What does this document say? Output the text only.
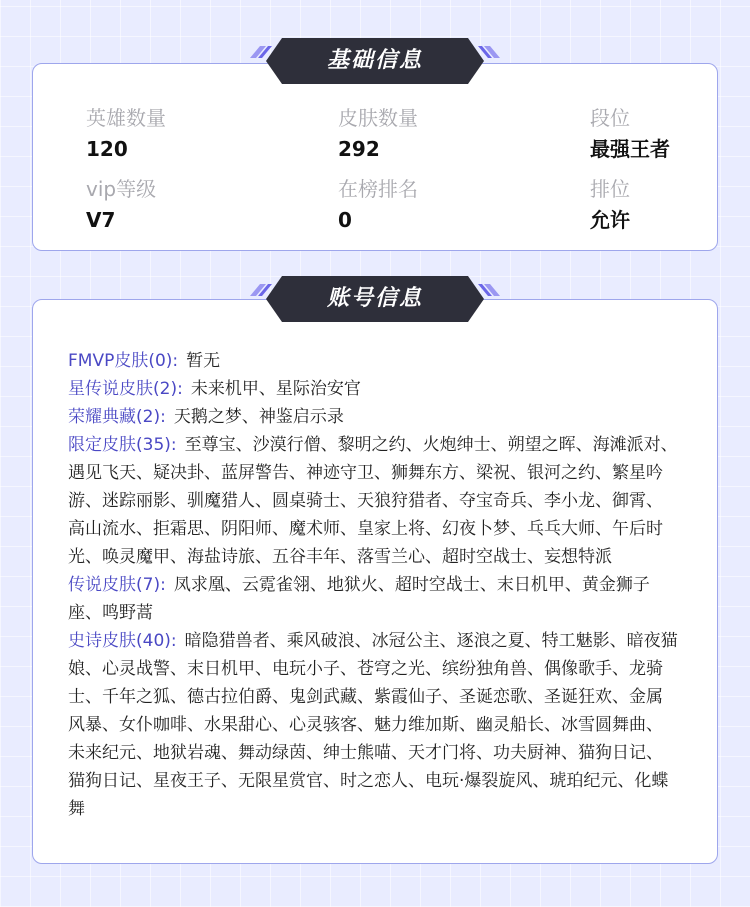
基础信息
英雄数量
120
皮肤数量
292
段位
最强王者
vip等级
V7
在榜排名
0
排位
允许
账号信息
FMVP皮肤(0): 暂无
星传说皮肤(2): 未来机甲、星际治安官
荣耀典藏(2): 天鹅之梦、神鉴启示录
限定皮肤(35): 至尊宝、沙漠行僧、黎明之约、火炮绅士、朔望之晖、海滩派对、遇见飞天、疑决卦、蓝屏警告、神迹守卫、狮舞东方、梁祝、银河之约、繁星吟游、迷踪丽影、驯魔猎人、圆桌骑士、天狼狩猎者、夺宝奇兵、李小龙、御霄、高山流水、拒霜思、阴阳师、魔术师、皇家上将、幻夜卜梦、乓乓大师、午后时光、唤灵魔甲、海盐诗旅、五谷丰年、落雪兰心、超时空战士、妄想特派
传说皮肤(7): 凤求凰、云霓雀翎、地狱火、超时空战士、末日机甲、黄金狮子座、鸣野蒿
史诗皮肤(40): 暗隐猎兽者、乘风破浪、冰冠公主、逐浪之夏、特工魅影、暗夜猫娘、心灵战警、末日机甲、电玩小子、苍穹之光、缤纷独角兽、偶像歌手、龙骑士、千年之狐、德古拉伯爵、鬼剑武藏、紫霞仙子、圣诞恋歌、圣诞狂欢、金属风暴、女仆咖啡、水果甜心、心灵骇客、魅力维加斯、幽灵船长、冰雪圆舞曲、未来纪元、地狱岩魂、舞动绿茵、绅士熊喵、天才门将、功夫厨神、猫狗日记、猫狗日记、星夜王子、无限星赏官、时之恋人、电玩·爆裂旋风、琥珀纪元、化蝶舞
